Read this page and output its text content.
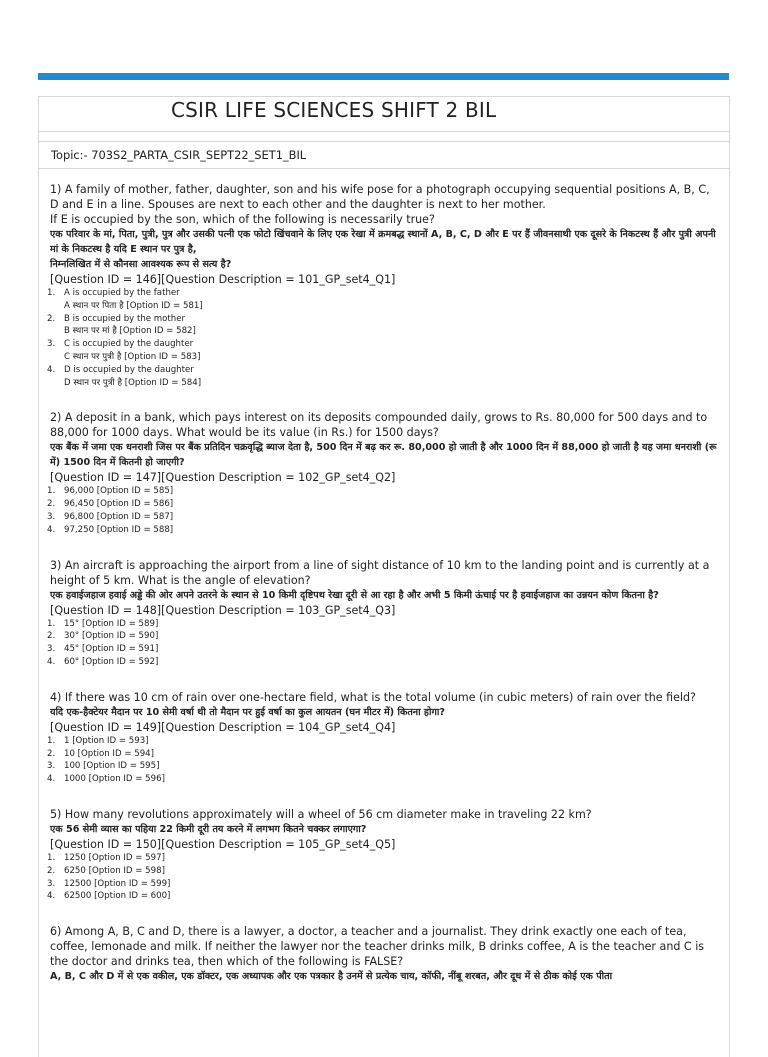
CSIR LIFE SCIENCES SHIFT 2 BIL
Topic:- 703S2_PARTA_CSIR_SEPT22_SET1_BIL
1) A family of mother, father, daughter, son and his wife pose for a photograph occupying sequential positions A, B, C, D and E in a line. Spouses are next to each other and the daughter is next to her mother.
If E is occupied by the son, which of the following is necessarily true?
एक परिवार के मां, पिता, पुत्री, पुत्र और उसकी पत्नी एक फोटो खिंचवाने के लिए एक रेखा में क्रमबद्ध स्थानों A, B, C, D और E पर हैं जीवनसाथी एक दूसरे के निकटस्थ हैं और पुत्री अपनी मां के निकटस्थ है यदि E स्थान पर पुत्र है,
निम्नलिखित में से कौनसा आवश्यक रूप से सत्य है?
[Question ID = 146][Question Description = 101_GP_set4_Q1]
1. A is occupied by the father
A स्थान पर पिता है [Option ID = 581]
2. B is occupied by the mother
B स्थान पर मां है [Option ID = 582]
3. C is occupied by the daughter
C स्थान पर पुत्री है [Option ID = 583]
4. D is occupied by the daughter
D स्थान पर पुत्री है [Option ID = 584]
2) A deposit in a bank, which pays interest on its deposits compounded daily, grows to Rs. 80,000 for 500 days and to 88,000 for 1000 days. What would be its value (in Rs.) for 1500 days?
एक बैंक में जमा एक धनराशी जिस पर बैंक प्रतिदिन चक्रवृद्धि ब्याज देता है, 500 दिन में बढ़ कर रू. 80,000 हो जाती है और 1000 दिन में 88,000 हो जाती है यह जमा धनराशी (रू में) 1500 दिन में कितनी हो जाएगी?
[Question ID = 147][Question Description = 102_GP_set4_Q2]
1. 96,000 [Option ID = 585]
2. 96,450 [Option ID = 586]
3. 96,800 [Option ID = 587]
4. 97,250 [Option ID = 588]
3) An aircraft is approaching the airport from a line of sight distance of 10 km to the landing point and is currently at a height of 5 km. What is the angle of elevation?
एक हवाईजहाज हवाई अड्डे की ओर अपने उतरने के स्थान से 10 किमी दृष्टिपथ रेखा दूरी से आ रहा है और अभी 5 किमी ऊंचाई पर है हवाईजहाज का उन्नयन कोण कितना है?
[Question ID = 148][Question Description = 103_GP_set4_Q3]
1. 15° [Option ID = 589]
2. 30° [Option ID = 590]
3. 45° [Option ID = 591]
4. 60° [Option ID = 592]
4) If there was 10 cm of rain over one-hectare field, what is the total volume (in cubic meters) of rain over the field?
यदि एक-हैक्टेयर मैदान पर 10 सेमी वर्षा थी तो मैदान पर हुई वर्षा का कुल आयतन (घन मीटर में) कितना होगा?
[Question ID = 149][Question Description = 104_GP_set4_Q4]
1. 1 [Option ID = 593]
2. 10 [Option ID = 594]
3. 100 [Option ID = 595]
4. 1000 [Option ID = 596]
5) How many revolutions approximately will a wheel of 56 cm diameter make in traveling 22 km?
एक 56 सेमी व्यास का पहिया 22 किमी दूरी तय करने में लगभग कितने चक्कर लगाएगा?
[Question ID = 150][Question Description = 105_GP_set4_Q5]
1. 1250 [Option ID = 597]
2. 6250 [Option ID = 598]
3. 12500 [Option ID = 599]
4. 62500 [Option ID = 600]
6) Among A, B, C and D, there is a lawyer, a doctor, a teacher and a journalist. They drink exactly one each of tea, coffee, lemonade and milk. If neither the lawyer nor the teacher drinks milk, B drinks coffee, A is the teacher and C is the doctor and drinks tea, then which of the following is FALSE?
A, B, C और D में से एक वकील, एक डॉक्टर, एक अध्यापक और एक पत्रकार है उनमें से प्रत्येक चाय, कॉफी, नींबू शरबत, और दूध में से ठीक कोई एक पीता
